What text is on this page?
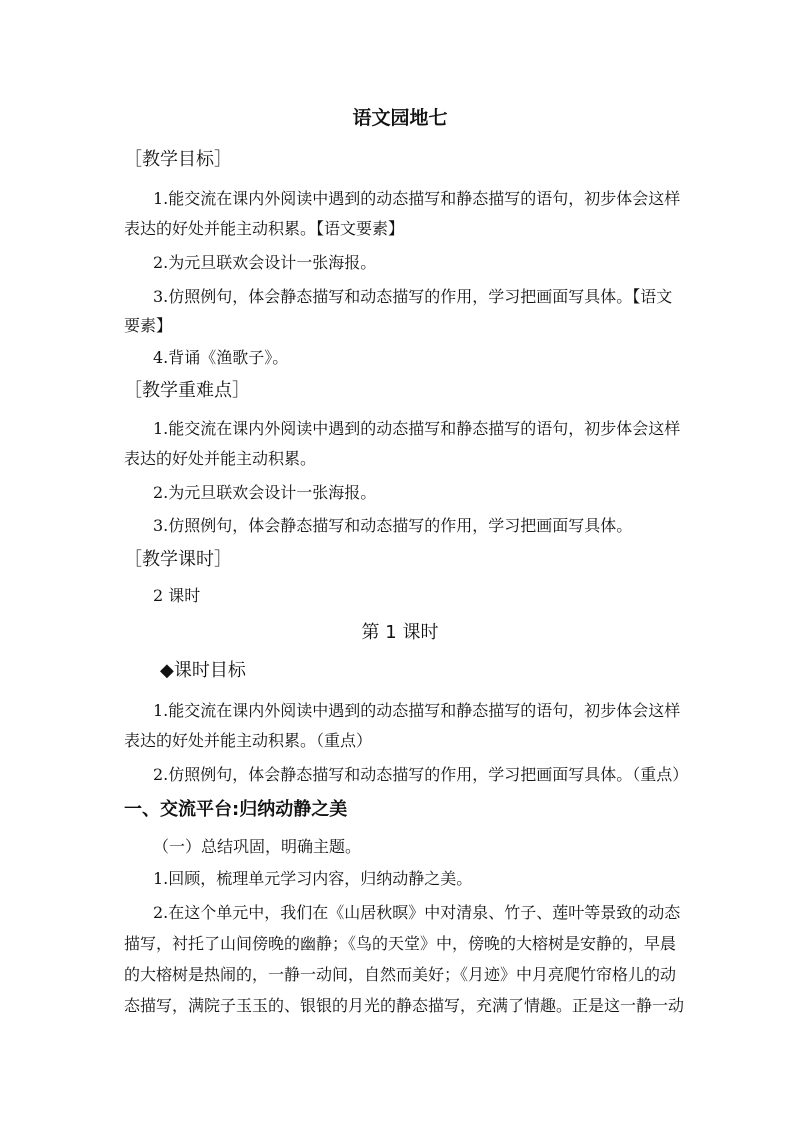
语文园地七
［教学目标］
1.能交流在课内外阅读中遇到的动态描写和静态描写的语句，初步体会这样
表达的好处并能主动积累。【语文要素】
2.为元旦联欢会设计一张海报。
3.仿照例句，体会静态描写和动态描写的作用，学习把画面写具体。【语文
要素】
4.背诵《渔歌子》。
［教学重难点］
1.能交流在课内外阅读中遇到的动态描写和静态描写的语句，初步体会这样
表达的好处并能主动积累。
2.为元旦联欢会设计一张海报。
3.仿照例句，体会静态描写和动态描写的作用，学习把画面写具体。
［教学课时］
2 课时
第 1 课时
◆课时目标
1.能交流在课内外阅读中遇到的动态描写和静态描写的语句，初步体会这样
表达的好处并能主动积累。（重点）
2.仿照例句，体会静态描写和动态描写的作用，学习把画面写具体。（重点）
一、交流平台:归纳动静之美
（一）总结巩固，明确主题。
1.回顾，梳理单元学习内容，归纳动静之美。
2.在这个单元中，我们在《山居秋暝》中对清泉、竹子、莲叶等景致的动态
描写，衬托了山间傍晚的幽静；《鸟的天堂》中，傍晚的大榕树是安静的，早晨
的大榕树是热闹的，一静一动间，自然而美好；《月迹》中月亮爬竹帘格儿的动
态描写，满院子玉玉的、银银的月光的静态描写，充满了情趣。正是这一静一动
